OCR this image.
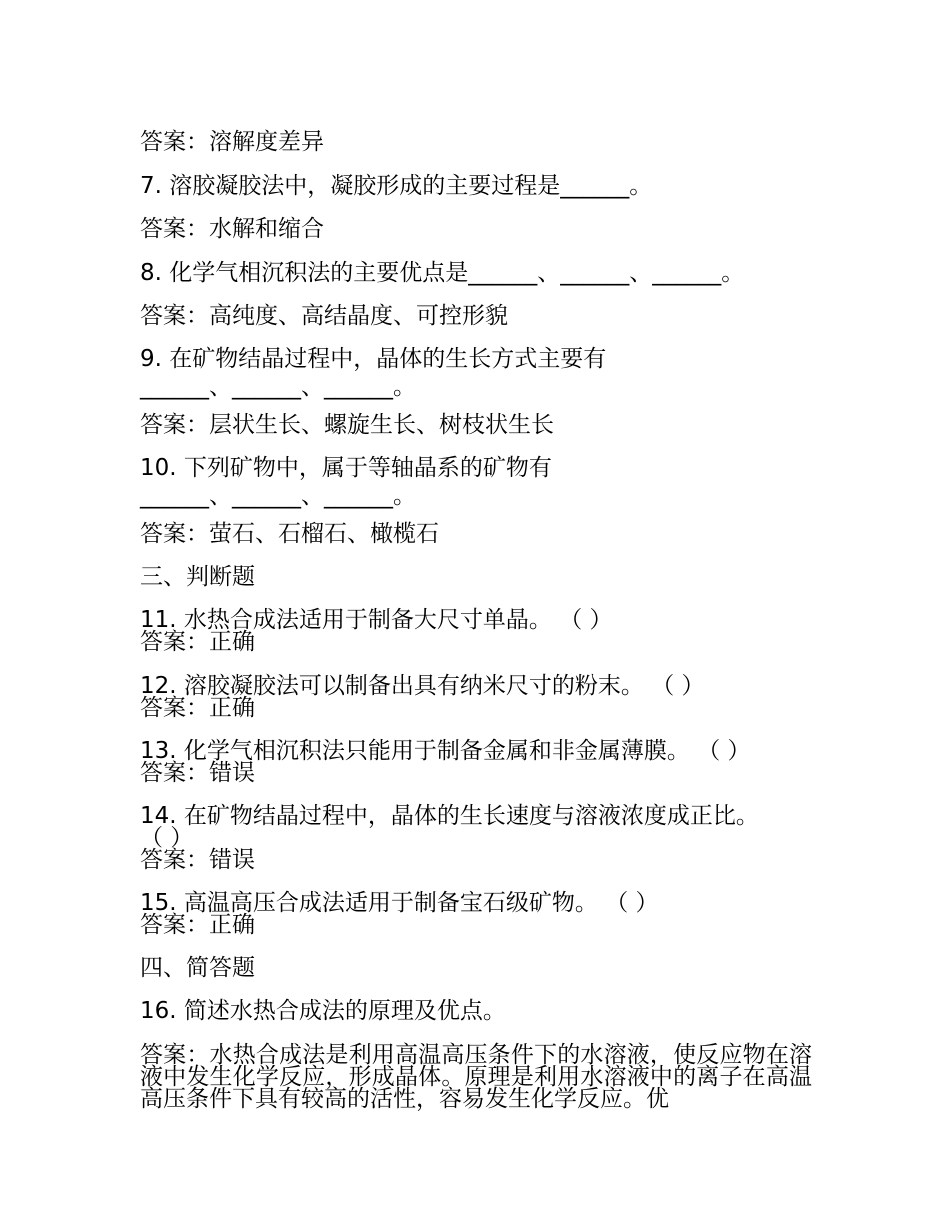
答案：溶解度差异
7. 溶胶凝胶法中，凝胶形成的主要过程是______。
答案：水解和缩合
8. 化学气相沉积法的主要优点是______、______、______。
答案：高纯度、高结晶度、可控形貌
9. 在矿物结晶过程中，晶体的生长方式主要有
______、______、______。
答案：层状生长、螺旋生长、树枝状生长
10. 下列矿物中，属于等轴晶系的矿物有
______、______、______。
答案：萤石、石榴石、橄榄石
三、判断题
11. 水热合成法适用于制备大尺寸单晶。 （ ）
答案：正确
12. 溶胶凝胶法可以制备出具有纳米尺寸的粉末。 （ ）
答案：正确
13. 化学气相沉积法只能用于制备金属和非金属薄膜。 （ ）
答案：错误
14. 在矿物结晶过程中，晶体的生长速度与溶液浓度成正比。
（ ）
答案：错误
15. 高温高压合成法适用于制备宝石级矿物。 （ ）
答案：正确
四、简答题
16. 简述水热合成法的原理及优点。
答案：水热合成法是利用高温高压条件下的水溶液，使反应物在溶液中发生化学反应，形成晶体。原理是利用水溶液中的离子在高温高压条件下具有较高的活性，容易发生化学反应。优
